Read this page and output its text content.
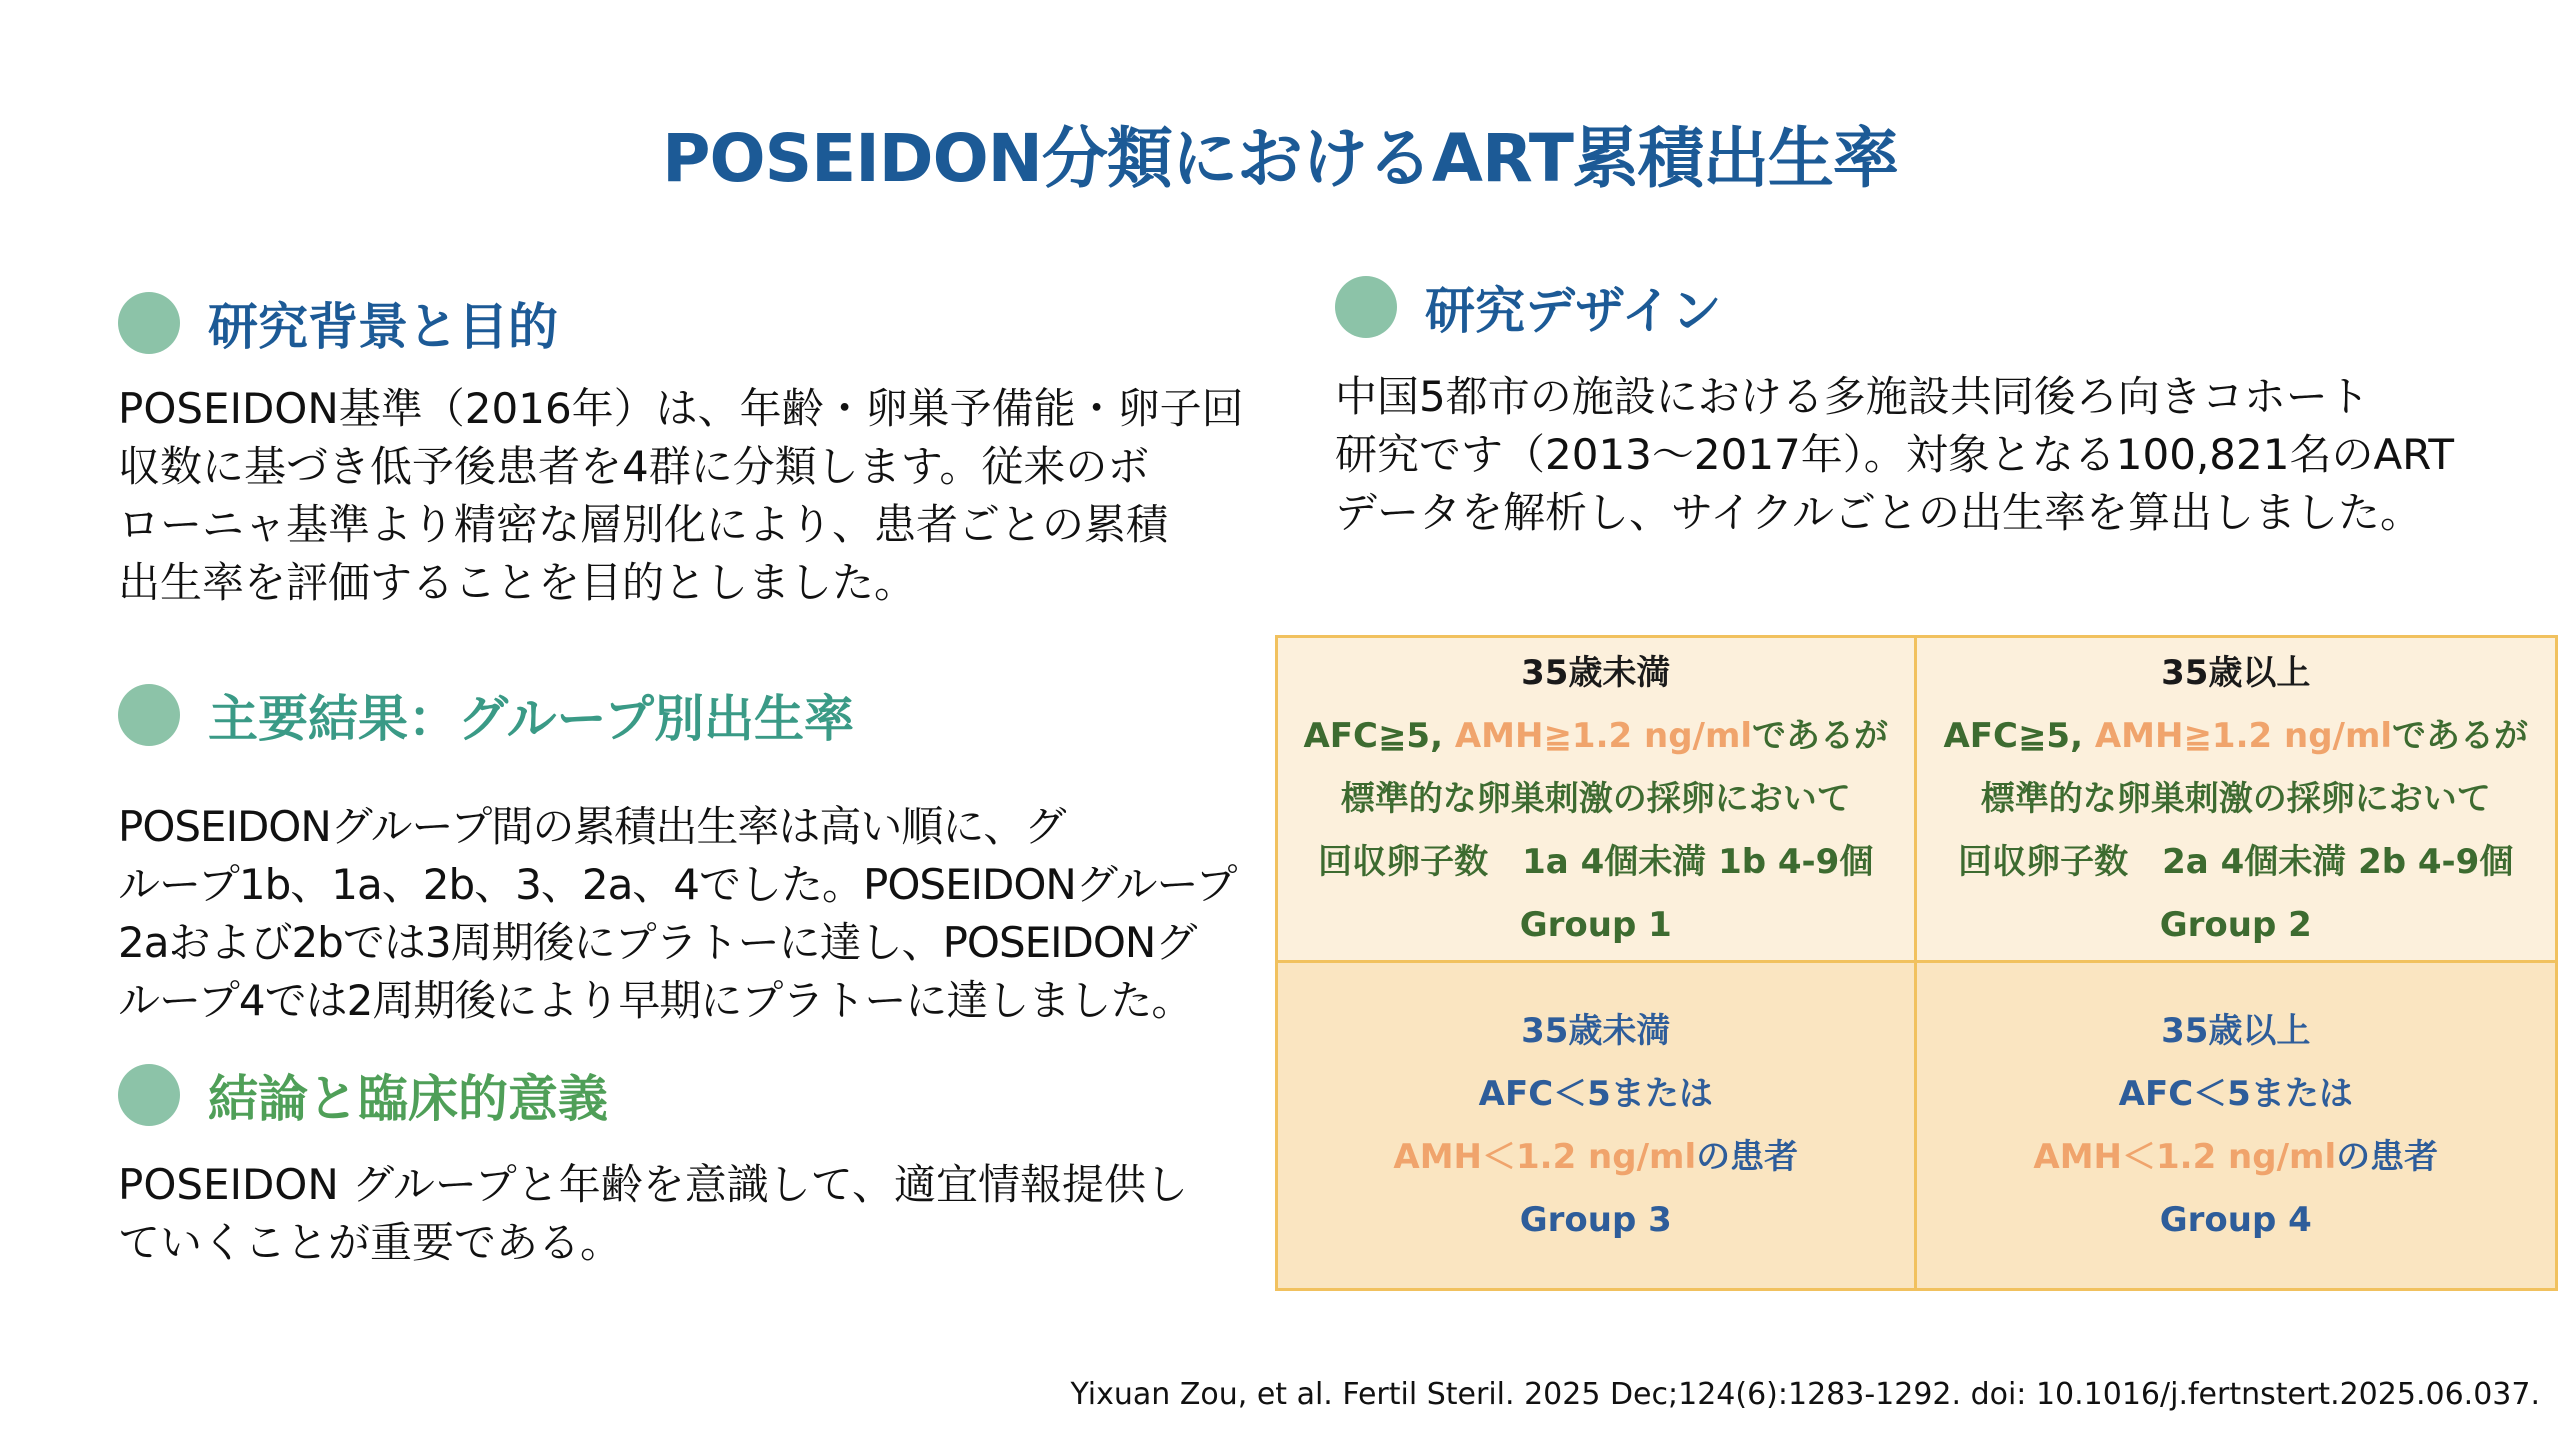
POSEIDON分類におけるART累積出生率
研究背景と目的
POSEIDON基準（2016年）は、年齢・卵巣予備能・卵子回
収数に基づき低予後患者を4群に分類します。従来のボ
ローニャ基準より精密な層別化により、患者ごとの累積
出生率を評価することを目的としました。
主要結果：グループ別出生率
POSEIDONグループ間の累積出生率は高い順に、グ
ループ1b、1a、2b、3、2a、4でした。POSEIDONグループ
2aおよび2bでは3周期後にプラトーに達し、POSEIDONグ
ループ4では2周期後により早期にプラトーに達しました。
結論と臨床的意義
POSEIDON グループと年齢を意識して、適宜情報提供し
ていくことが重要である。
研究デザイン
中国5都市の施設における多施設共同後ろ向きコホート
研究です（2013〜2017年）。対象となる100,821名のART
データを解析し、サイクルごとの出生率を算出しました。
35歳未満
AFC≧5, AMH≧1.2 ng/mlであるが
標準的な卵巣刺激の採卵において
回収卵子数　1a 4個未満 1b 4-9個
Group 1
35歳以上
AFC≧5, AMH≧1.2 ng/mlであるが
標準的な卵巣刺激の採卵において
回収卵子数　2a 4個未満 2b 4-9個
Group 2
35歳未満
AFC＜5または
AMH＜1.2 ng/mlの患者
Group 3
35歳以上
AFC＜5または
AMH＜1.2 ng/mlの患者
Group 4
Yixuan Zou, et al. Fertil Steril. 2025 Dec;124(6):1283-1292. doi: 10.1016/j.fertnstert.2025.06.037.
